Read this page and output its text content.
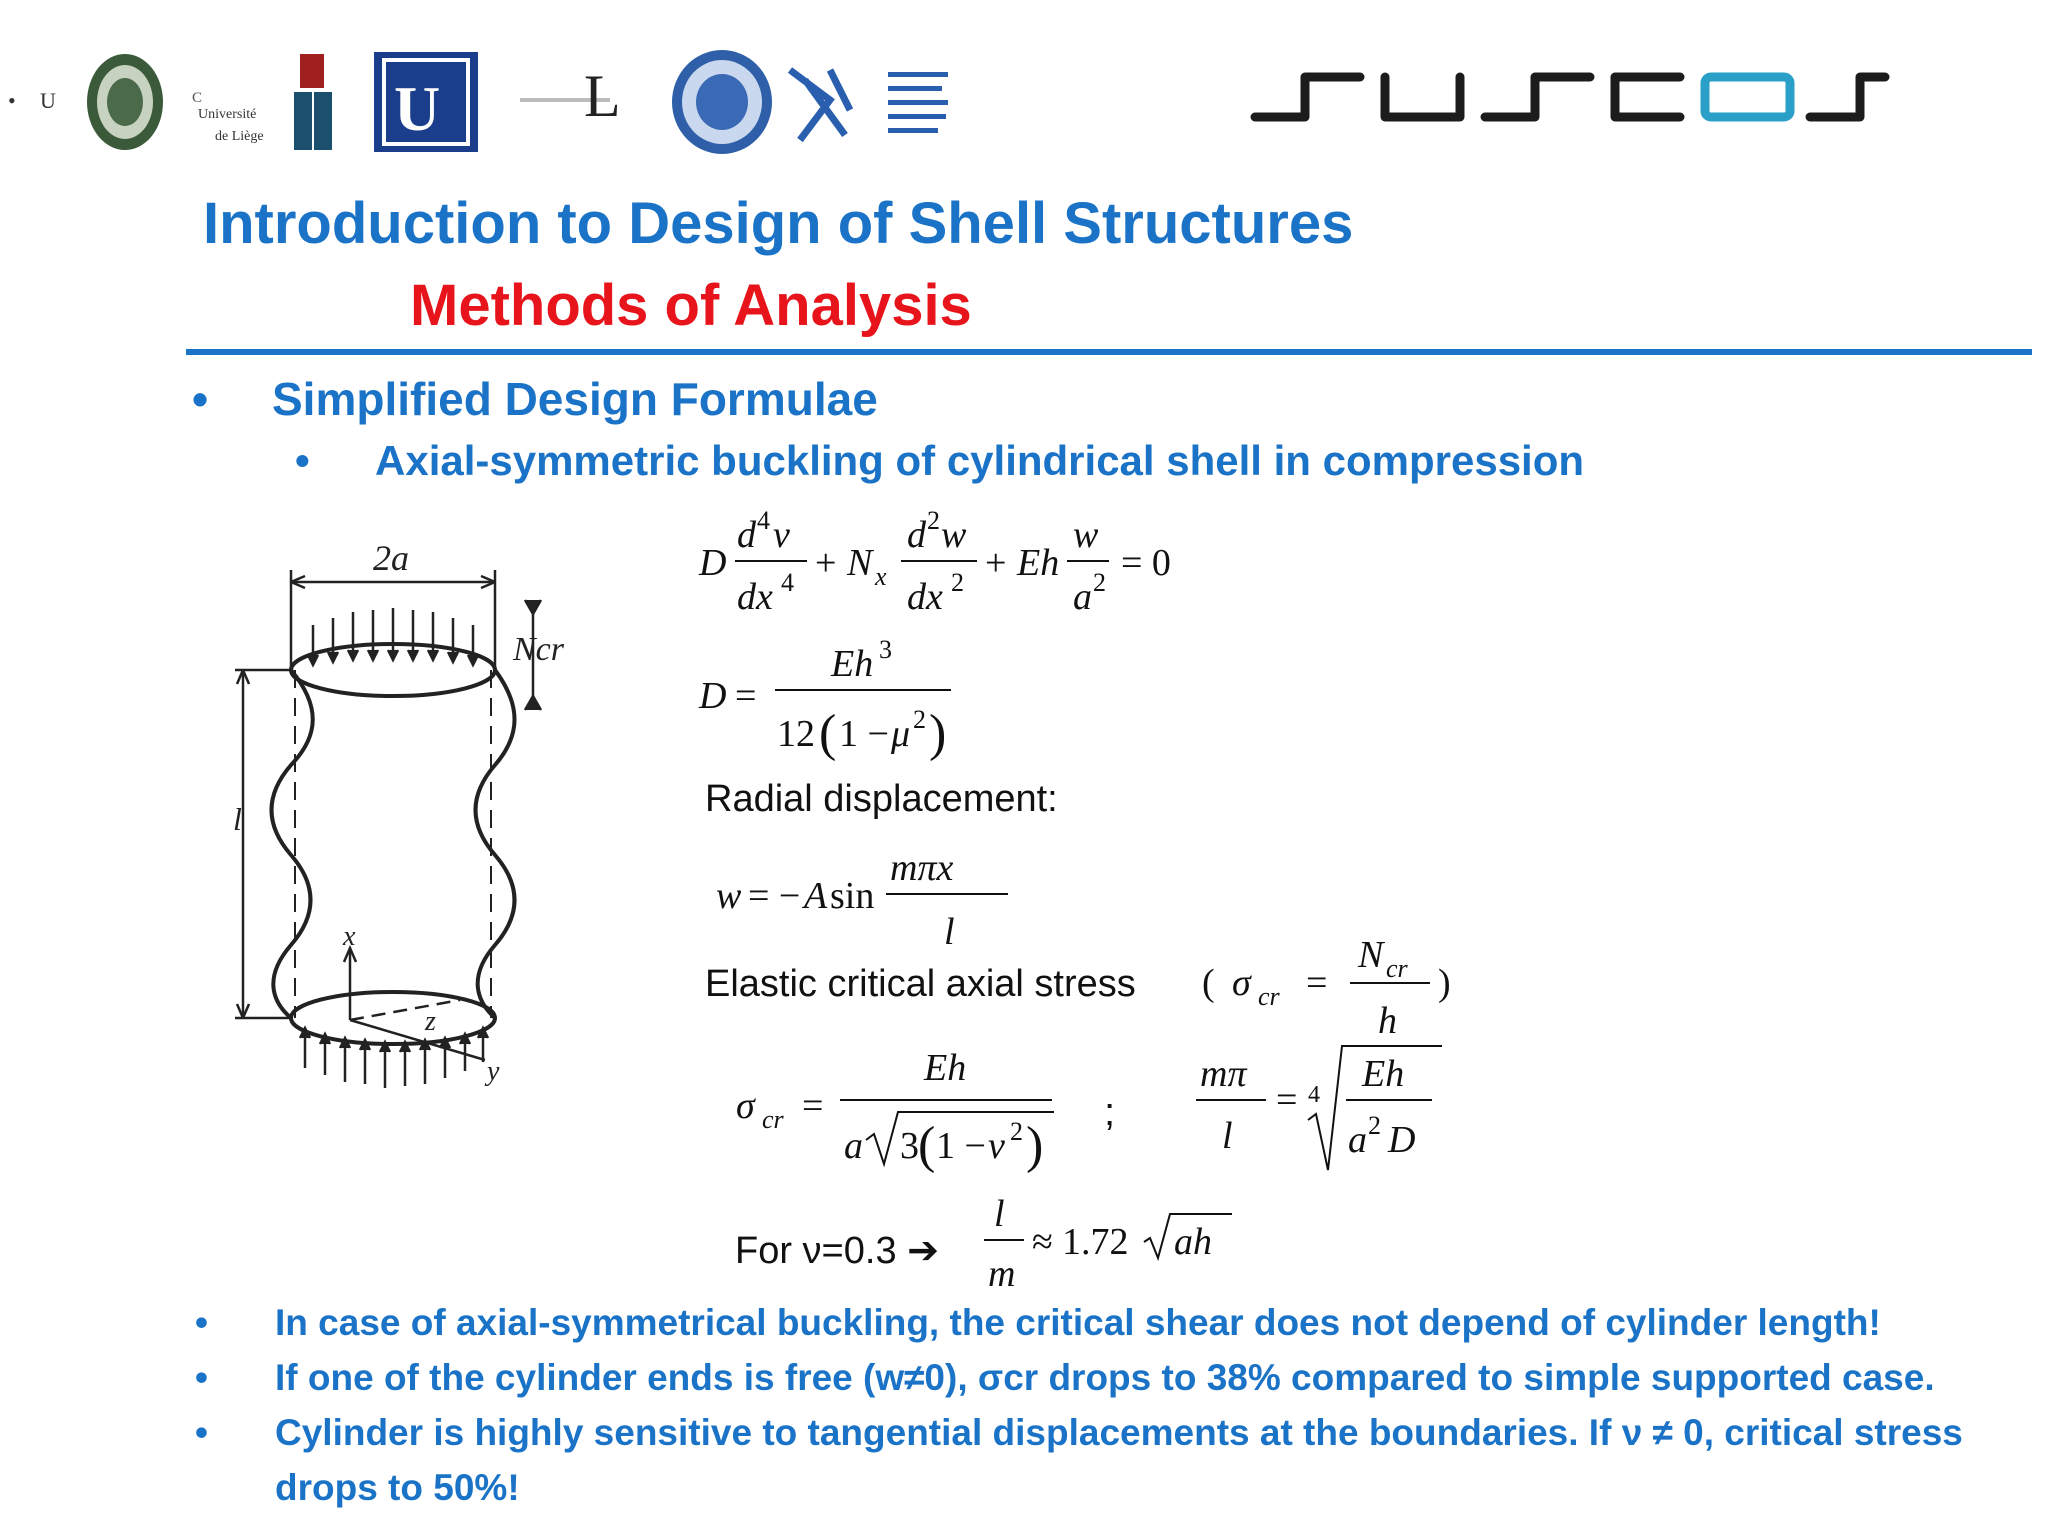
• U	C
Université
de Liège U L
Introduction to Design of Shell Structures
Methods of Analysis
• Simplified Design Formulae
• Axial-symmetric buckling of cylindrical shell in compression
2a
Ncr
l
x
z
y
D
d 4 v
dx 4 + N x
d 2 w
dx 2 + Eh
w
a 2 = 0
D =
Eh 3
12 ( 1 − μ 2 )
Radial displacement:
w = − A sin
mπx
l
Elastic critical axial stress ( σ cr =
N cr
h
)
σ cr =
Eh
a 3 ( 1 − ν 2 )
;
mπ
l
= 4 Eh
a 2 D
For ν=0.3 ➔
l
m
≈ 1.72 ah
• In case of axial-symmetrical buckling, the critical shear does not depend of cylinder length!
• If one of the cylinder ends is free (w≠0), σcr drops to 38% compared to simple supported case.
• Cylinder is highly sensitive to tangential displacements at the boundaries. If ν ≠ 0, critical stress drops to 50%!
